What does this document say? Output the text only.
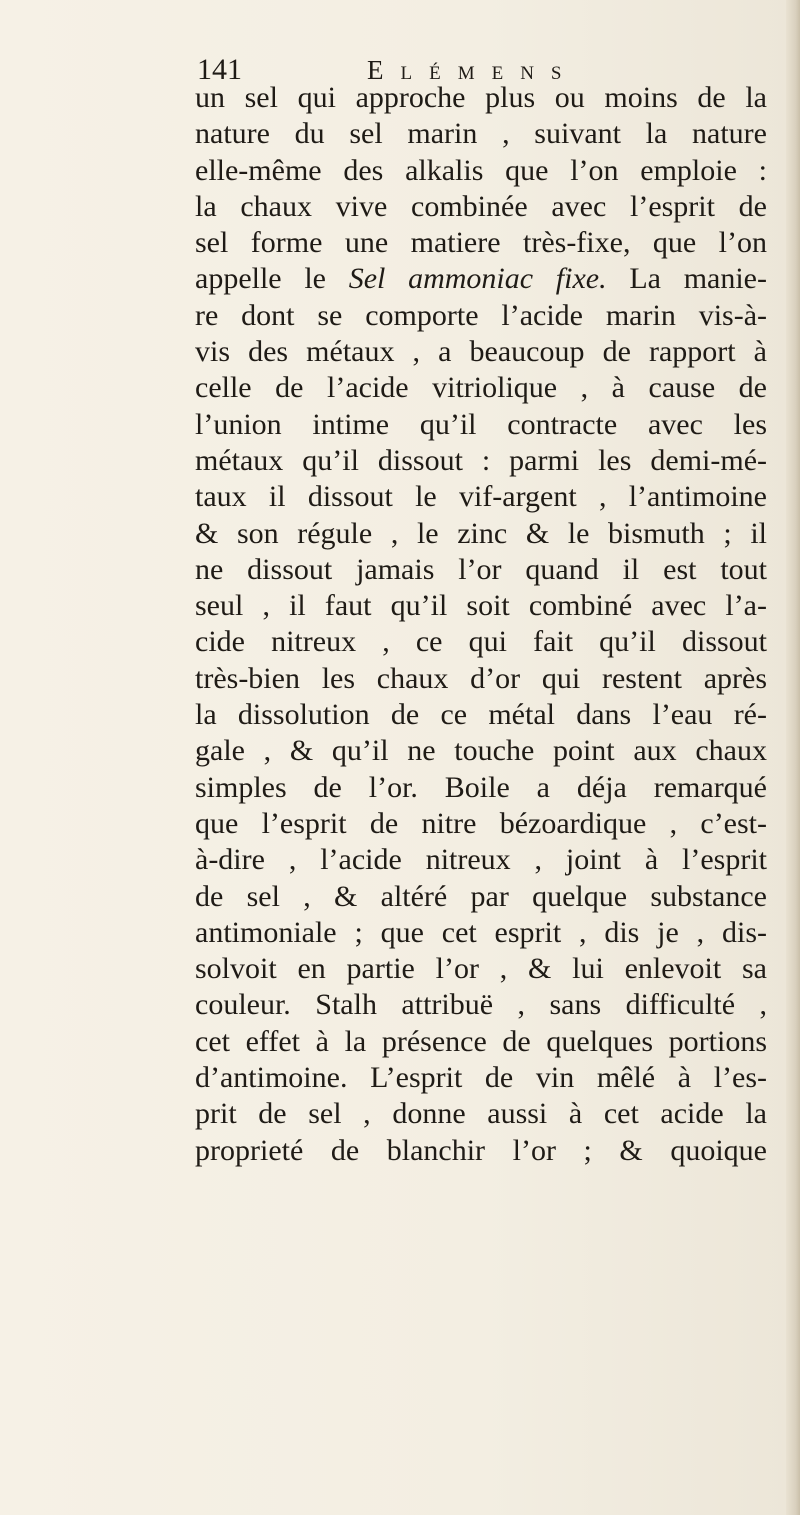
141	Elémens
un sel qui approche plus ou moins de la
nature du sel marin , suivant la nature
elle-même des alkalis que l’on emploie :
la chaux vive combinée avec l’esprit de
sel forme une matiere très-fixe, que l’on
appelle le Sel ammoniac fixe. La manie-
re dont se comporte l’acide marin vis-à-
vis des métaux , a beaucoup de rapport à
celle de l’acide vitriolique , à cause de
l’union intime qu’il contracte avec les
métaux qu’il dissout : parmi les demi-mé-
taux il dissout le vif-argent , l’antimoine
& son régule , le zinc & le bismuth ; il
ne dissout jamais l’or quand il est tout
seul , il faut qu’il soit combiné avec l’a-
cide nitreux , ce qui fait qu’il dissout
très-bien les chaux d’or qui restent après
la dissolution de ce métal dans l’eau ré-
gale , & qu’il ne touche point aux chaux
simples de l’or. Boile a déja remarqué
que l’esprit de nitre bézoardique , c’est-
à-dire , l’acide nitreux , joint à l’esprit
de sel , & altéré par quelque substance
antimoniale ; que cet esprit , dis je , dis-
solvoit en partie l’or , & lui enlevoit sa
couleur. Stalh attribuë , sans difficulté ,
cet effet à la présence de quelques portions
d’antimoine. L’esprit de vin mêlé à l’es-
prit de sel , donne aussi à cet acide la
proprieté de blanchir l’or ; & quoique
